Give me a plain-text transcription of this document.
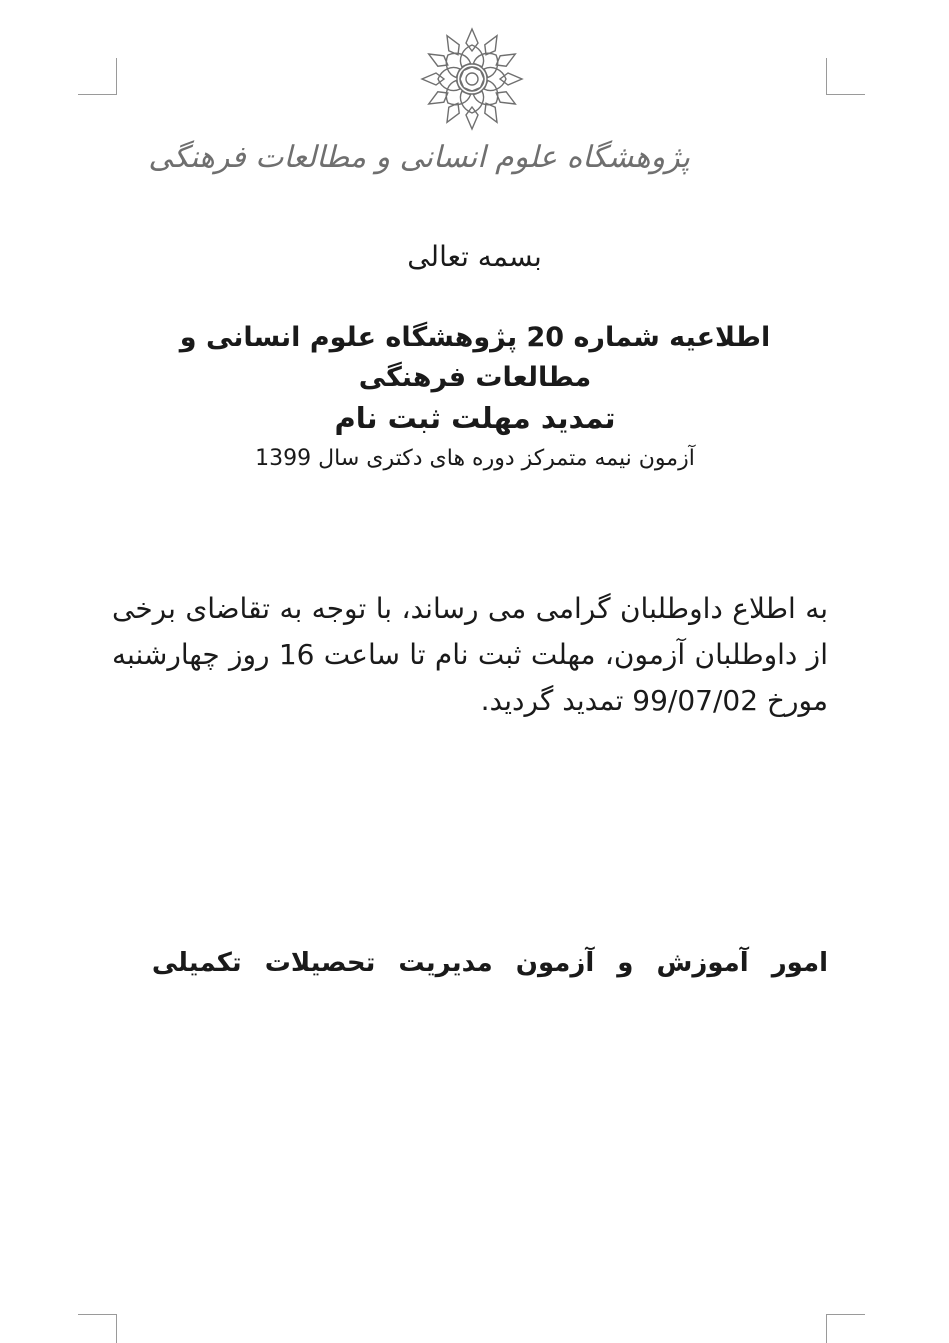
پژوهشگاه علوم انسانی و مطالعات فرهنگی
بسمه تعالی
اطلاعیه شماره 20 پژوهشگاه علوم انسانی و مطالعات فرهنگی
تمدید مهلت ثبت نام
آزمون نیمه متمرکز دوره های دکتری سال 1399
به اطلاع داوطلبان گرامی می رساند، با توجه به تقاضای برخی از داوطلبان آزمون، مهلت ثبت نام تا ساعت 16 روز چهارشنبه مورخ 99/07/02 تمدید گردید.
امور آموزش و آزمون مدیریت تحصیلات تکمیلی
